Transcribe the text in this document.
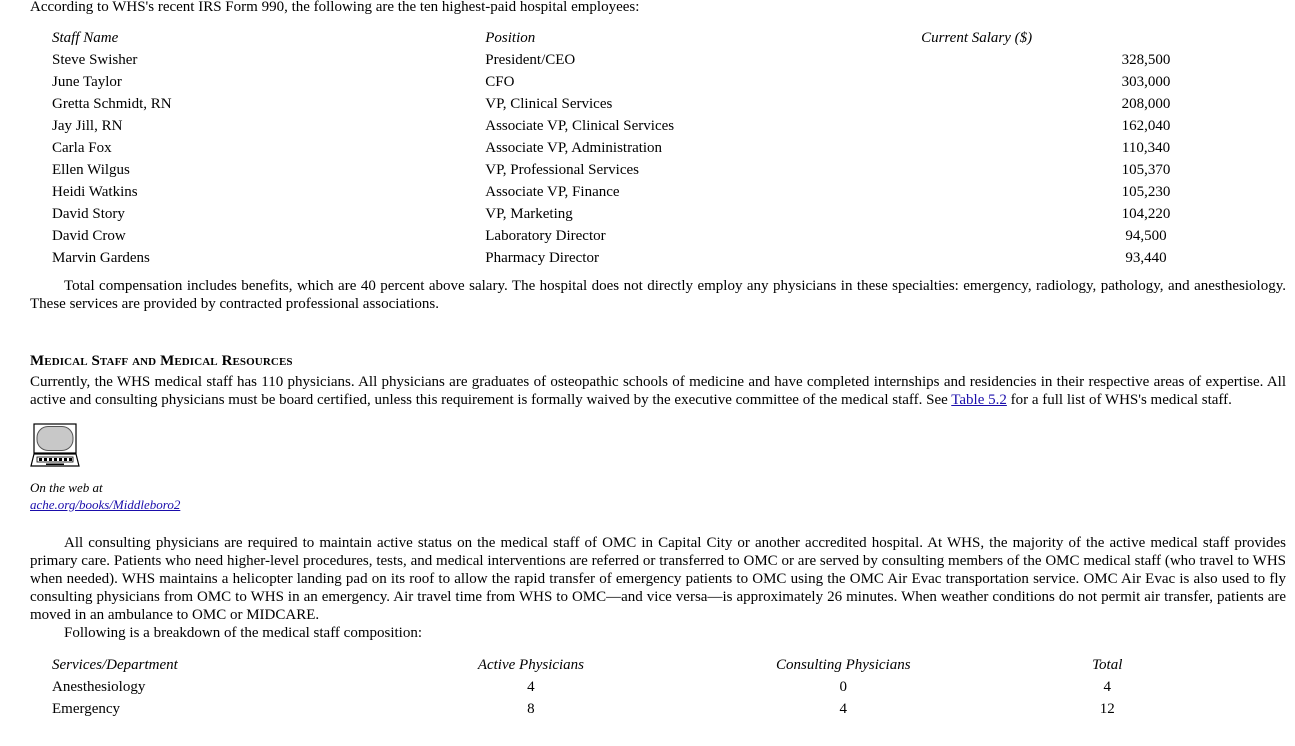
According to WHS's recent IRS Form 990, the following are the ten highest-paid hospital employees:

Staff Name	Position	Current Salary ($)
Steve Swisher	President/CEO	328,500
June Taylor	CFO	303,000
Gretta Schmidt, RN	VP, Clinical Services	208,000
Jay Jill, RN	Associate VP, Clinical Services	162,040
Carla Fox	Associate VP, Administration	110,340
Ellen Wilgus	VP, Professional Services	105,370
Heidi Watkins	Associate VP, Finance	105,230
David Story	VP, Marketing	104,220
David Crow	Laboratory Director	94,500
Marvin Gardens	Pharmacy Director	93,440

Total compensation includes benefits, which are 40 percent above salary. The hospital does not directly employ any physicians in these specialties: emergency, radiology, pathology, and anesthesiology. These services are provided by contracted professional associations.

Medical Staff and Medical Resources

Currently, the WHS medical staff has 110 physicians. All physicians are graduates of osteopathic schools of medicine and have completed internships and residencies in their respective areas of expertise. All active and consulting physicians must be board certified, unless this requirement is formally waived by the executive committee of the medical staff. See Table 5.2 for a full list of WHS's medical staff.

On the web at
ache.org/books/Middleboro2

All consulting physicians are required to maintain active status on the medical staff of OMC in Capital City or another accredited hospital. At WHS, the majority of the active medical staff provides primary care. Patients who need higher-level procedures, tests, and medical interventions are referred or transferred to OMC or are served by consulting members of the OMC medical staff (who travel to WHS when needed). WHS maintains a helicopter landing pad on its roof to allow the rapid transfer of emergency patients to OMC using the OMC Air Evac transportation service. OMC Air Evac is also used to fly consulting physicians from OMC to WHS in an emergency. Air travel time from WHS to OMC—and vice versa—is approximately 26 minutes. When weather conditions do not permit air transfer, patients are moved in an ambulance to OMC or MIDCARE.

Following is a breakdown of the medical staff composition:

Services/Department	Active Physicians	Consulting Physicians	Total
Anesthesiology	4	0	4
Emergency	8	4	12
